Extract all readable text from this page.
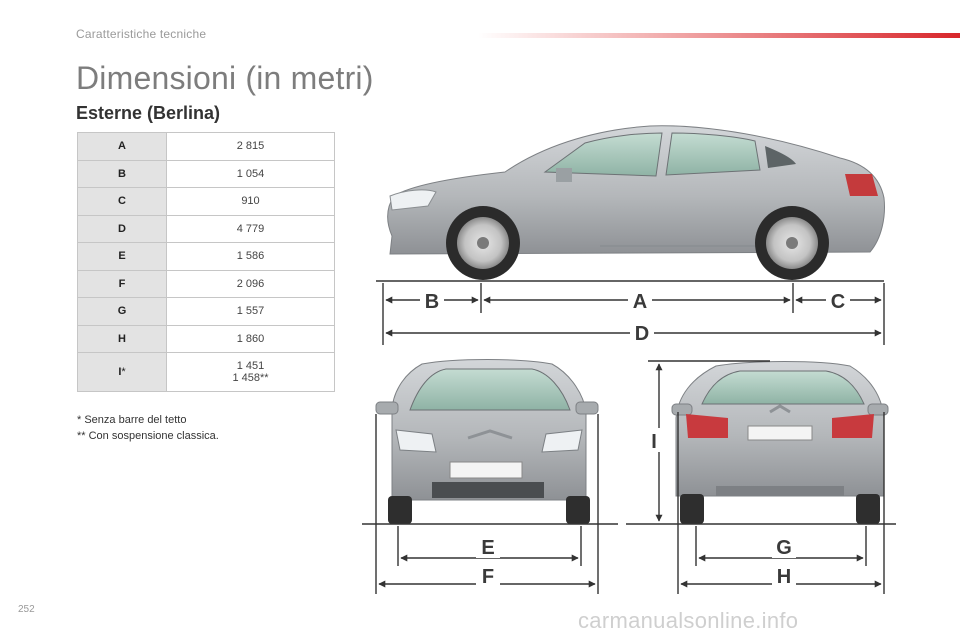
Caratteristiche tecniche
Dimensioni (in metri)
Esterne (Berlina)
A	2 815
B	1 054
C	910
D	4 779
E	1 586
F	2 096
G	1 557
H	1 860
I*	1 451
1 458**
* Senza barre del tetto
** Con sospensione classica.
B	A	C
D
E
F
I
G
H
252	carmanualsonline.info
